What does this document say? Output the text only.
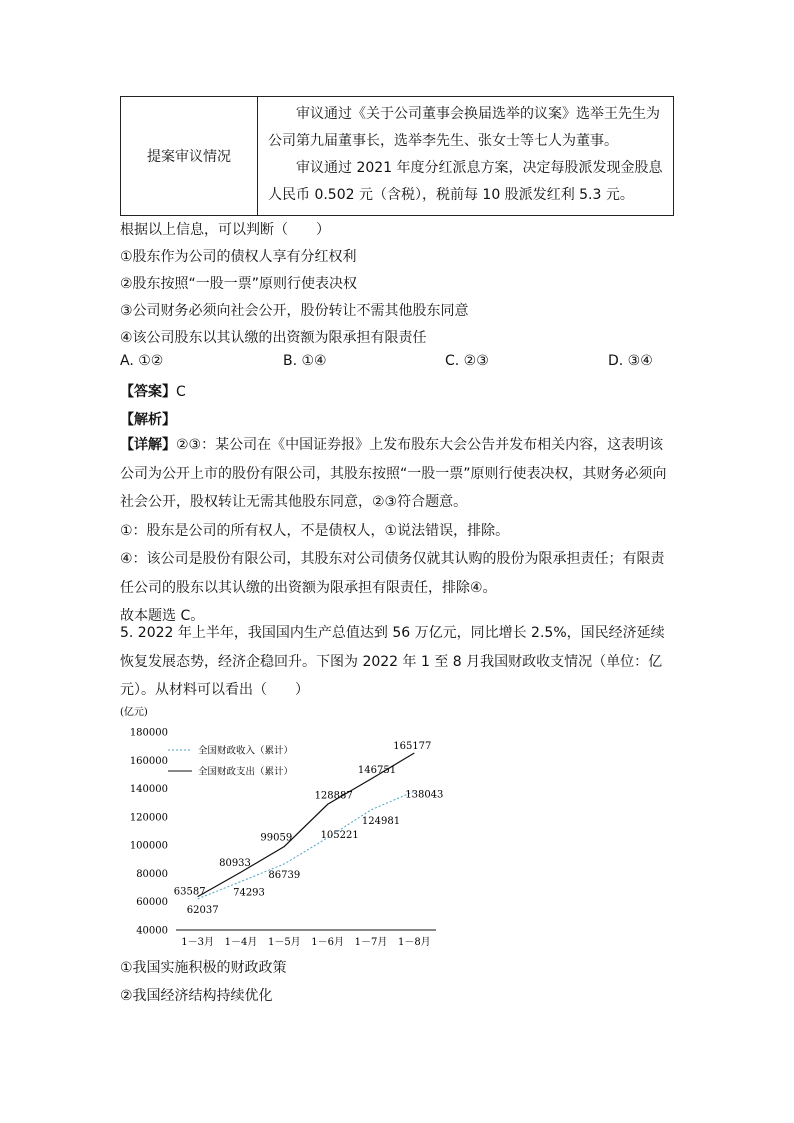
提案审议情况

审议通过《关于公司董事会换届选举的议案》选举王先生为公司第九届董事长，选举李先生、张女士等七人为董事。

审议通过 2021 年度分红派息方案，决定每股派发现金股息人民币 0.502 元（含税），税前每 10 股派发红利 5.3 元。

根据以上信息，可以判断（　　）
①股东作为公司的债权人享有分红权利
②股东按照“一股一票”原则行使表决权
③公司财务必须向社会公开，股份转让不需其他股东同意
④该公司股东以其认缴的出资额为限承担有限责任
A. ①②	B. ①④	C. ②③	D. ③④
【答案】C
【解析】

【详解】②③：某公司在《中国证券报》上发布股东大会公告并发布相关内容，这表明该公司为公开上市的股份有限公司，其股东按照“一股一票”原则行使表决权，其财务必须向社会公开，股权转让无需其他股东同意，②③符合题意。

①：股东是公司的所有权人，不是债权人，①说法错误，排除。

④：该公司是股份有限公司，其股东对公司债务仅就其认购的股份为限承担责任；有限责任公司的股东以其认缴的出资额为限承担有限责任，排除④。

故本题选 C。

5. 2022 年上半年，我国国内生产总值达到 56 万亿元，同比增长 2.5%，国民经济延续恢复发展态势，经济企稳回升。下图为 2022 年 1 至 8 月我国财政收支情况（单位：亿元）。从材料可以看出（　　）
(亿元)
40000
60000
80000
100000
120000
140000
160000
180000
1－3月 1－4月 1－5月 1－6月 1－7月 1－8月
62037
74293
86739
105221
124981
138043
63587
80933
99059
128887
146751
165177
全国财政收入（累计）
全国财政支出（累计）
①我国实施积极的财政政策
②我国经济结构持续优化
